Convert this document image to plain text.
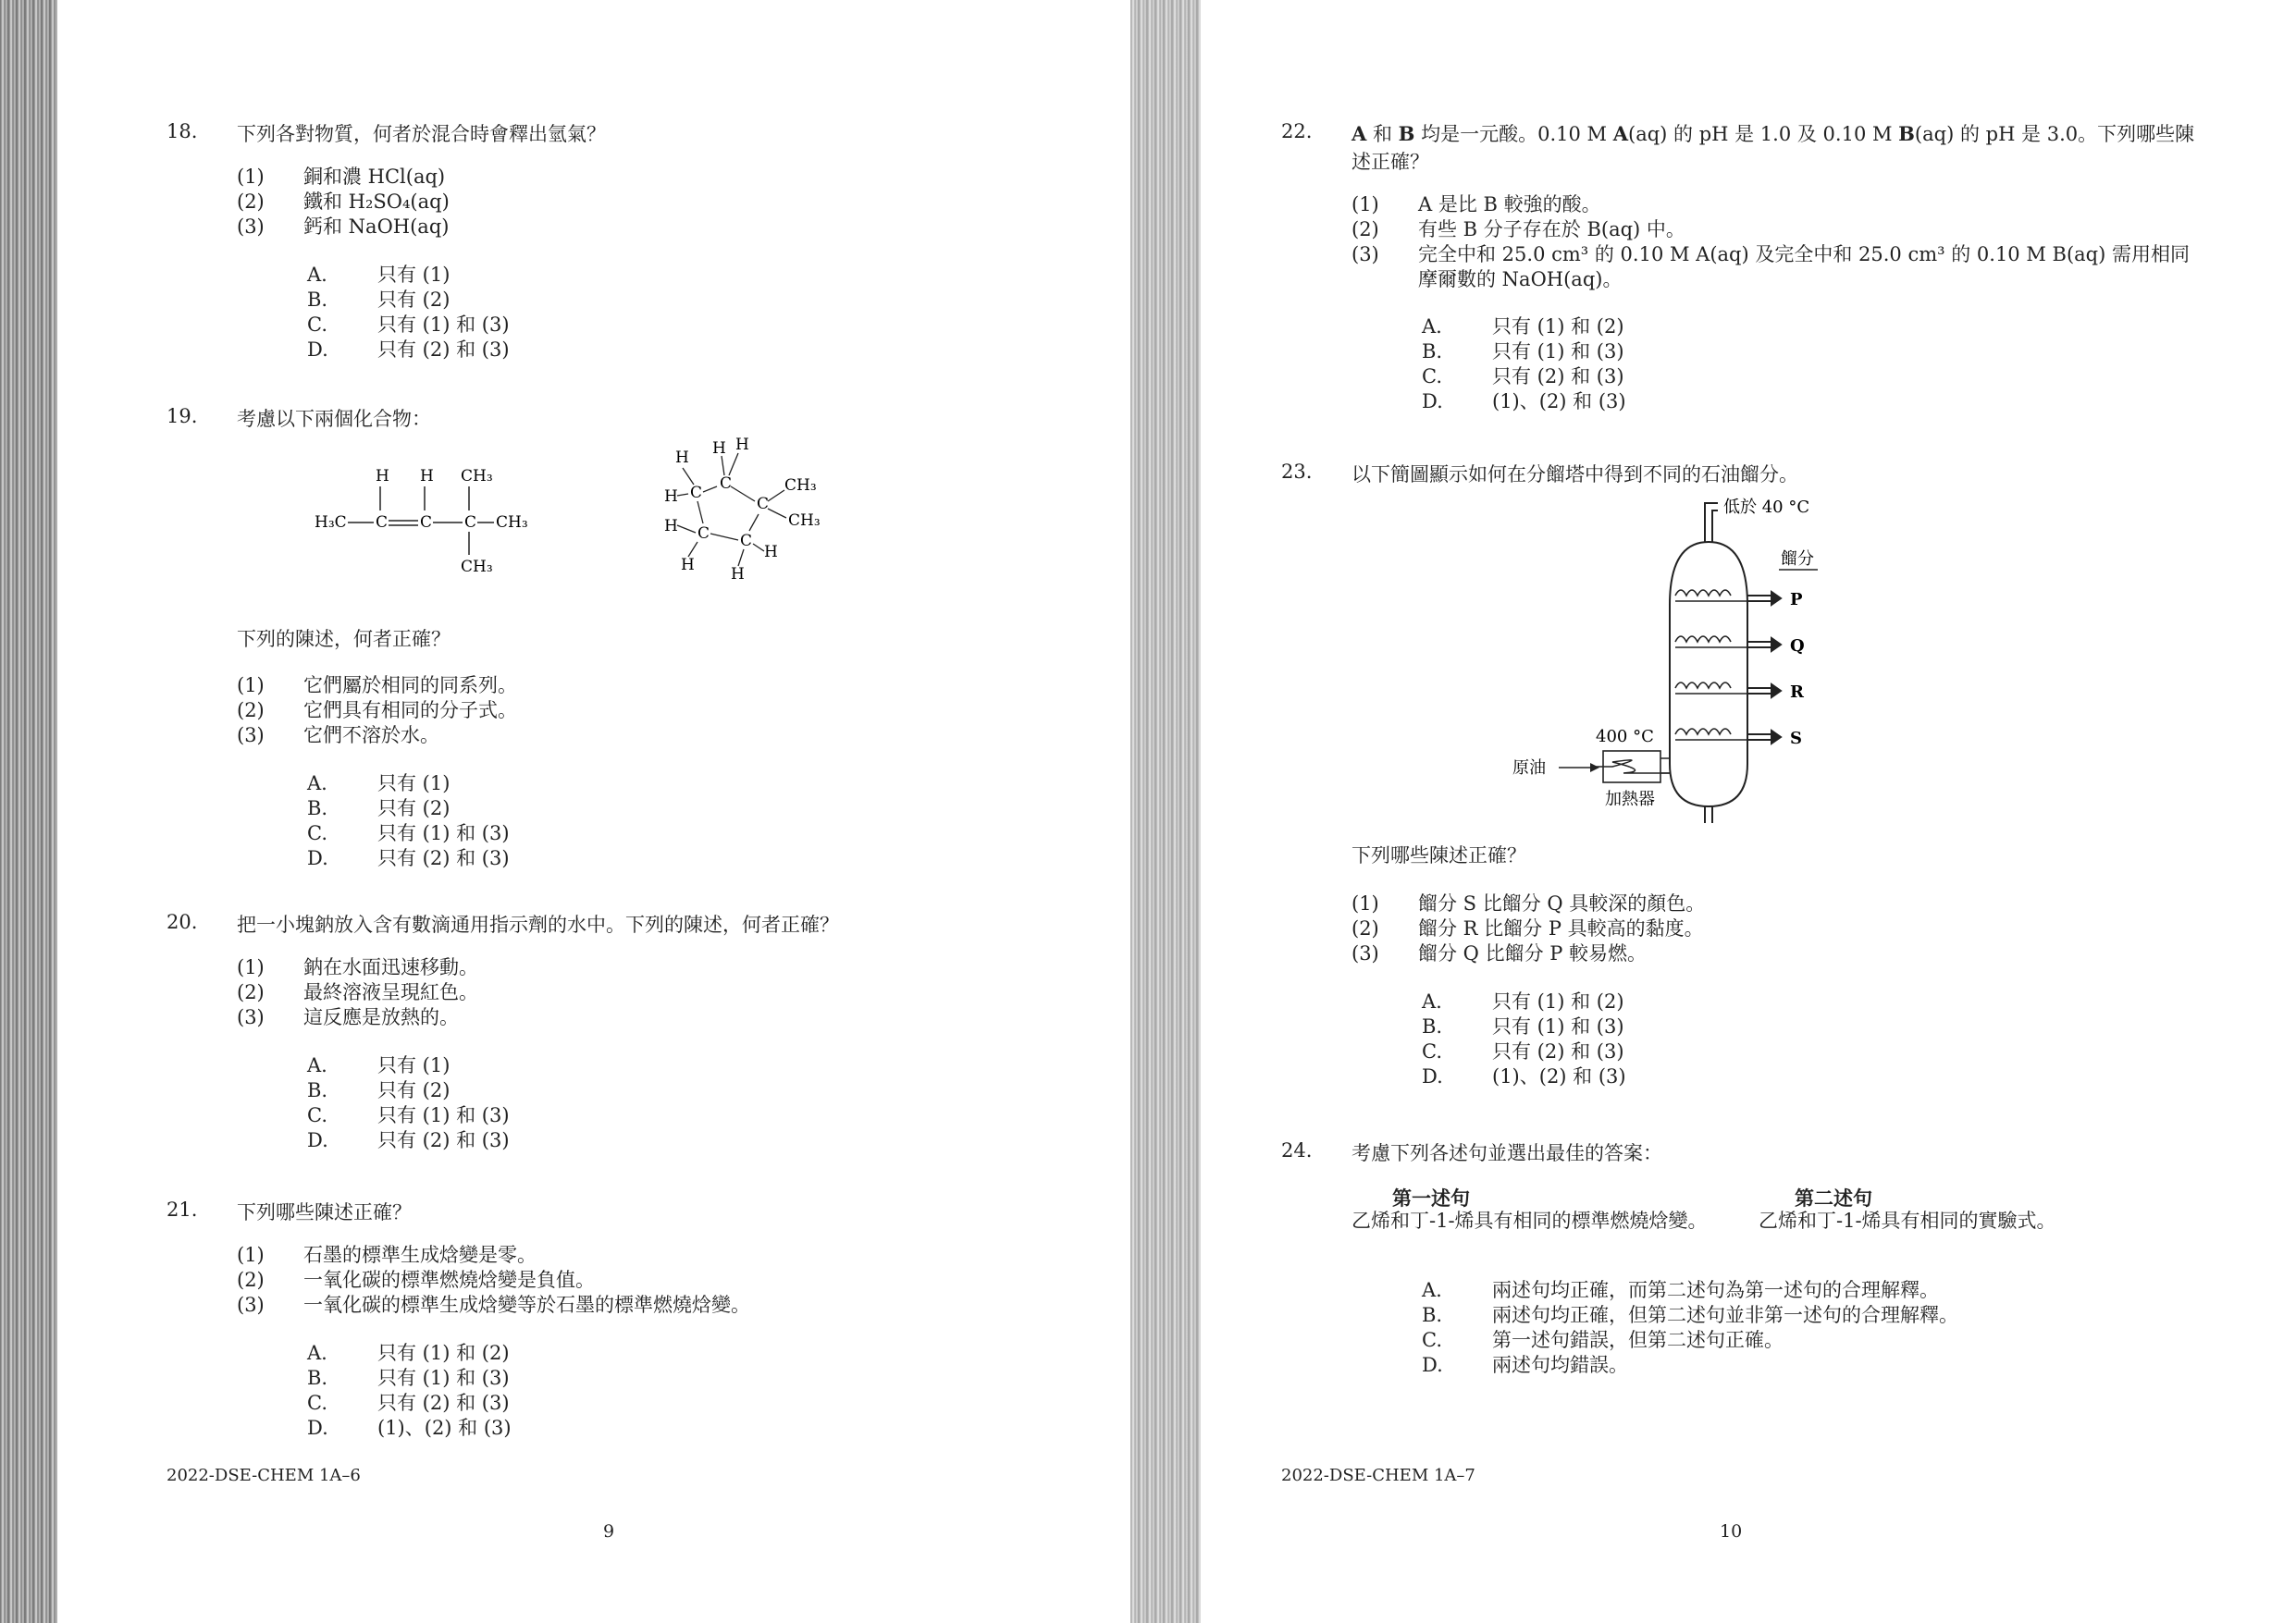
18. 下列各對物質，何者於混合時會釋出氫氣？
(1) 銅和濃 HCl(aq)
(2) 鐵和 H₂SO₄(aq)
(3) 鈣和 NaOH(aq)
A.	只有 (1)
B.	只有 (2)
C.	只有 (1) 和 (3)
D.	只有 (2) 和 (3)
19. 考慮以下兩個化合物：
H₃C C C C CH₃
H H CH₃
CH₃
H H
C
H
C
H	C
CH₃
CH₃
C
H
H
C
H
H
下列的陳述，何者正確？
(1) 它們屬於相同的同系列。
(2) 它們具有相同的分子式。
(3) 它們不溶於水。
A.	只有 (1)
B.	只有 (2)
C.	只有 (1) 和 (3)
D.	只有 (2) 和 (3)
20. 把一小塊鈉放入含有數滴通用指示劑的水中。下列的陳述，何者正確？
(1) 鈉在水面迅速移動。
(2) 最終溶液呈現紅色。
(3) 這反應是放熱的。
A.	只有 (1)
B.	只有 (2)
C.	只有 (1) 和 (3)
D.	只有 (2) 和 (3)
21. 下列哪些陳述正確？
(1) 石墨的標準生成焓變是零。
(2) 一氧化碳的標準燃燒焓變是負值。
(3) 一氧化碳的標準生成焓變等於石墨的標準燃燒焓變。
A.	只有 (1) 和 (2)
B.	只有 (1) 和 (3)
C.	只有 (2) 和 (3)
D.	(1)、(2) 和 (3)
2022-DSE-CHEM 1A–6
9
22. A 和 B 均是一元酸。0.10 M A(aq) 的 pH 是 1.0 及 0.10 M B(aq) 的 pH 是 3.0。下列哪些陳述正確？
(1) A 是比 B 較強的酸。
(2) 有些 B 分子存在於 B(aq) 中。
(3) 完全中和 25.0 cm³ 的 0.10 M A(aq) 及完全中和 25.0 cm³ 的 0.10 M B(aq) 需用相同摩爾數的 NaOH(aq)。
A.	只有 (1) 和 (2)
B.	只有 (1) 和 (3)
C.	只有 (2) 和 (3)
D.	(1)、(2) 和 (3)
23. 以下簡圖顯示如何在分餾塔中得到不同的石油餾分。
低於 40 °C
餾分
P
Q
R
S
400 °C
原油
加熱器
下列哪些陳述正確？
(1) 餾分 S 比餾分 Q 具較深的顏色。
(2) 餾分 R 比餾分 P 具較高的黏度。
(3) 餾分 Q 比餾分 P 較易燃。
A.	只有 (1) 和 (2)
B.	只有 (1) 和 (3)
C.	只有 (2) 和 (3)
D.	(1)、(2) 和 (3)
24. 考慮下列各述句並選出最佳的答案：
第一述句	第二述句
乙烯和丁-1-烯具有相同的標準燃燒焓變。	乙烯和丁-1-烯具有相同的實驗式。
A.	兩述句均正確，而第二述句為第一述句的合理解釋。
B.	兩述句均正確，但第二述句並非第一述句的合理解釋。
C.	第一述句錯誤，但第二述句正確。
D.	兩述句均錯誤。
2022-DSE-CHEM 1A–7
10
